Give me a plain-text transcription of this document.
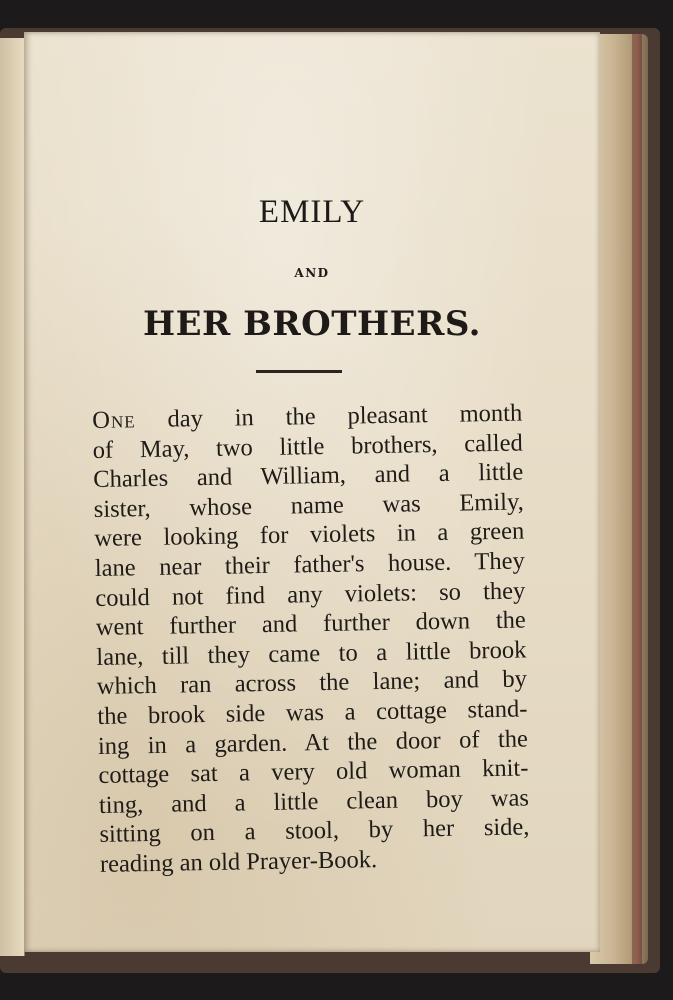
EMILY
AND
HER BROTHERS.
One day in the pleasant month
of May, two little brothers, called
Charles and William, and a little
sister, whose name was Emily,
were looking for violets in a green
lane near their father's house. They
could not find any violets: so they
went further and further down the
lane, till they came to a little brook
which ran across the lane; and by
the brook side was a cottage stand-
ing in a garden. At the door of the
cottage sat a very old woman knit-
ting, and a little clean boy was
sitting on a stool, by her side,
reading an old Prayer-Book.
